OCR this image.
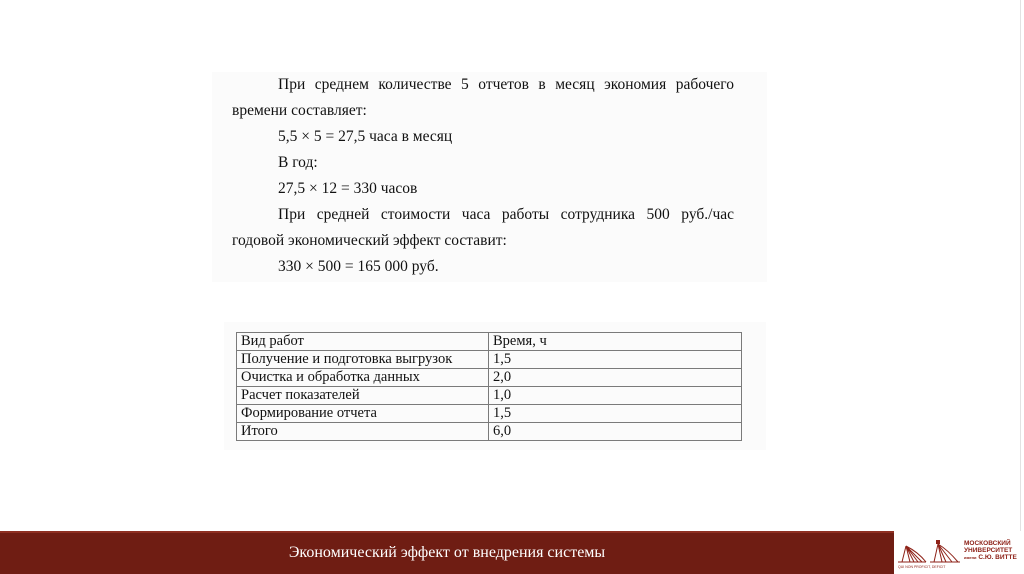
При среднем количестве 5 отчетов в месяц экономия рабочего времени составляет:

5,5 × 5 = 27,5 часа в месяц

В год:

27,5 × 12 = 330 часов

При средней стоимости часа работы сотрудника 500 руб./час годовой экономический эффект составит:

330 × 500 = 165 000 руб.

Вид работ	Время, ч
Получение и подготовка выгрузок	1,5
Очистка и обработка данных	2,0
Расчет показателей	1,0
Формирование отчета	1,5
Итого	6,0
Экономический эффект от внедрения системы
МОСКОВСКИЙ
УНИВЕРСИТЕТ
имени С.Ю. ВИТТЕ
QUI NON PROFICIT, DEFICIT
